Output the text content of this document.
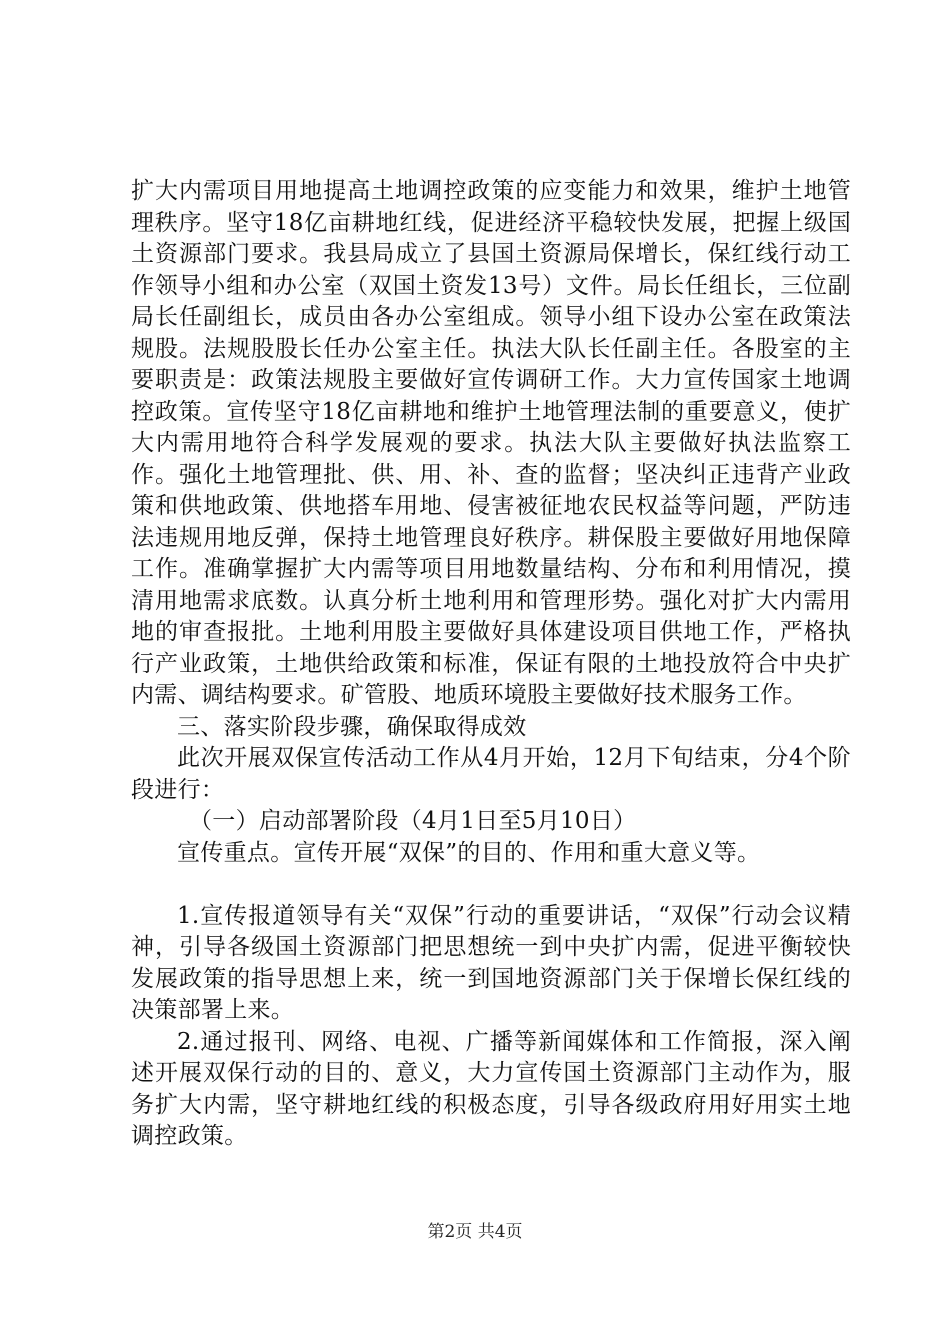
扩大内需项目用地提高土地调控政策的应变能力和效果，维护土地管理秩序。坚守18亿亩耕地红线，促进经济平稳较快发展，把握上级国土资源部门要求。我县局成立了县国土资源局保增长，保红线行动工作领导小组和办公室（双国土资发13号）文件。局长任组长，三位副局长任副组长，成员由各办公室组成。领导小组下设办公室在政策法规股。法规股股长任办公室主任。执法大队长任副主任。各股室的主要职责是：政策法规股主要做好宣传调研工作。大力宣传国家土地调控政策。宣传坚守18亿亩耕地和维护土地管理法制的重要意义，使扩大内需用地符合科学发展观的要求。执法大队主要做好执法监察工作。强化土地管理批、供、用、补、查的监督；坚决纠正违背产业政策和供地政策、供地搭车用地、侵害被征地农民权益等问题，严防违法违规用地反弹，保持土地管理良好秩序。耕保股主要做好用地保障工作。准确掌握扩大内需等项目用地数量结构、分布和利用情况，摸清用地需求底数。认真分析土地利用和管理形势。强化对扩大内需用地的审查报批。土地利用股主要做好具体建设项目供地工作，严格执行产业政策，土地供给政策和标准，保证有限的土地投放符合中央扩内需、调结构要求。矿管股、地质环境股主要做好技术服务工作。

三、落实阶段步骤，确保取得成效

此次开展双保宣传活动工作从4月开始，12月下旬结束，分4个阶段进行：

（一）启动部署阶段（4月1日至5月10日）

宣传重点。宣传开展“双保”的目的、作用和重大意义等。

1.宣传报道领导有关“双保”行动的重要讲话，“双保”行动会议精神，引导各级国土资源部门把思想统一到中央扩内需，促进平衡较快发展政策的指导思想上来，统一到国地资源部门关于保增长保红线的决策部署上来。

2.通过报刊、网络、电视、广播等新闻媒体和工作简报，深入阐述开展双保行动的目的、意义，大力宣传国土资源部门主动作为，服务扩大内需，坚守耕地红线的积极态度，引导各级政府用好用实土地调控政策。

第2页 共4页
